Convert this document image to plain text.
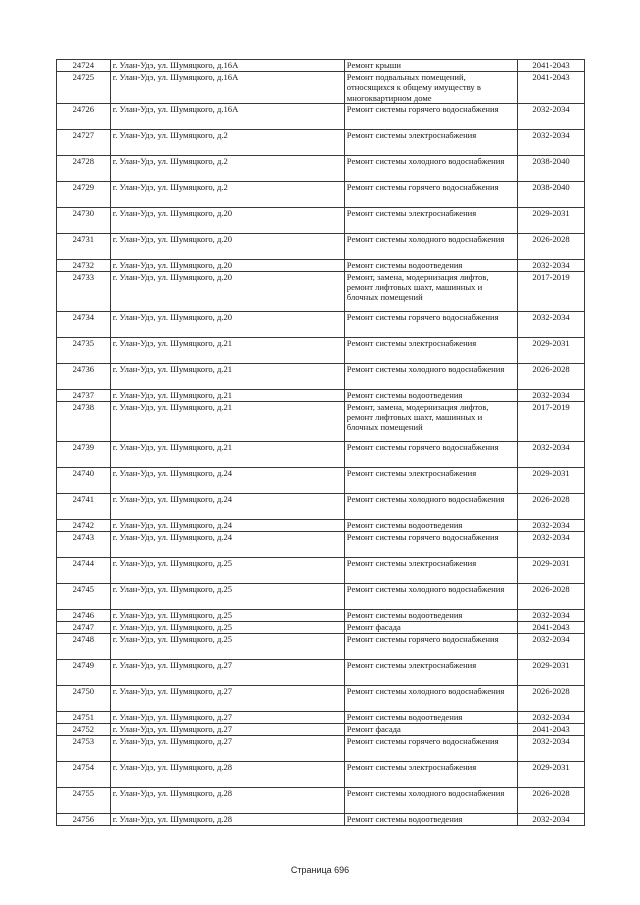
24724	г. Улан-Удэ, ул. Шумяцкого, д.16А	Ремонт крыши	2041-2043
24725	г. Улан-Удэ, ул. Шумяцкого, д.16А	Ремонт подвальных помещений, относящихся к общему имуществу в многоквартирном доме	2041-2043
24726	г. Улан-Удэ, ул. Шумяцкого, д.16А	Ремонт системы горячего водоснабжения	2032-2034
24727	г. Улан-Удэ, ул. Шумяцкого, д.2	Ремонт системы электроснабжения	2032-2034
24728	г. Улан-Удэ, ул. Шумяцкого, д.2	Ремонт системы холодного водоснабжения	2038-2040
24729	г. Улан-Удэ, ул. Шумяцкого, д.2	Ремонт системы горячего водоснабжения	2038-2040
24730	г. Улан-Удэ, ул. Шумяцкого, д.20	Ремонт системы электроснабжения	2029-2031
24731	г. Улан-Удэ, ул. Шумяцкого, д.20	Ремонт системы холодного водоснабжения	2026-2028
24732	г. Улан-Удэ, ул. Шумяцкого, д.20	Ремонт системы водоотведения	2032-2034
24733	г. Улан-Удэ, ул. Шумяцкого, д.20	Ремонт, замена, модернизация лифтов, ремонт лифтовых шахт, машинных и блочных помещений	2017-2019
24734	г. Улан-Удэ, ул. Шумяцкого, д.20	Ремонт системы горячего водоснабжения	2032-2034
24735	г. Улан-Удэ, ул. Шумяцкого, д.21	Ремонт системы электроснабжения	2029-2031
24736	г. Улан-Удэ, ул. Шумяцкого, д.21	Ремонт системы холодного водоснабжения	2026-2028
24737	г. Улан-Удэ, ул. Шумяцкого, д.21	Ремонт системы водоотведения	2032-2034
24738	г. Улан-Удэ, ул. Шумяцкого, д.21	Ремонт, замена, модернизация лифтов, ремонт лифтовых шахт, машинных и блочных помещений	2017-2019
24739	г. Улан-Удэ, ул. Шумяцкого, д.21	Ремонт системы горячего водоснабжения	2032-2034
24740	г. Улан-Удэ, ул. Шумяцкого, д.24	Ремонт системы электроснабжения	2029-2031
24741	г. Улан-Удэ, ул. Шумяцкого, д.24	Ремонт системы холодного водоснабжения	2026-2028
24742	г. Улан-Удэ, ул. Шумяцкого, д.24	Ремонт системы водоотведения	2032-2034
24743	г. Улан-Удэ, ул. Шумяцкого, д.24	Ремонт системы горячего водоснабжения	2032-2034
24744	г. Улан-Удэ, ул. Шумяцкого, д.25	Ремонт системы электроснабжения	2029-2031
24745	г. Улан-Удэ, ул. Шумяцкого, д.25	Ремонт системы холодного водоснабжения	2026-2028
24746	г. Улан-Удэ, ул. Шумяцкого, д.25	Ремонт системы водоотведения	2032-2034
24747	г. Улан-Удэ, ул. Шумяцкого, д.25	Ремонт фасада	2041-2043
24748	г. Улан-Удэ, ул. Шумяцкого, д.25	Ремонт системы горячего водоснабжения	2032-2034
24749	г. Улан-Удэ, ул. Шумяцкого, д.27	Ремонт системы электроснабжения	2029-2031
24750	г. Улан-Удэ, ул. Шумяцкого, д.27	Ремонт системы холодного водоснабжения	2026-2028
24751	г. Улан-Удэ, ул. Шумяцкого, д.27	Ремонт системы водоотведения	2032-2034
24752	г. Улан-Удэ, ул. Шумяцкого, д.27	Ремонт фасада	2041-2043
24753	г. Улан-Удэ, ул. Шумяцкого, д.27	Ремонт системы горячего водоснабжения	2032-2034
24754	г. Улан-Удэ, ул. Шумяцкого, д.28	Ремонт системы электроснабжения	2029-2031
24755	г. Улан-Удэ, ул. Шумяцкого, д.28	Ремонт системы холодного водоснабжения	2026-2028
24756	г. Улан-Удэ, ул. Шумяцкого, д.28	Ремонт системы водоотведения	2032-2034
Страница 696
